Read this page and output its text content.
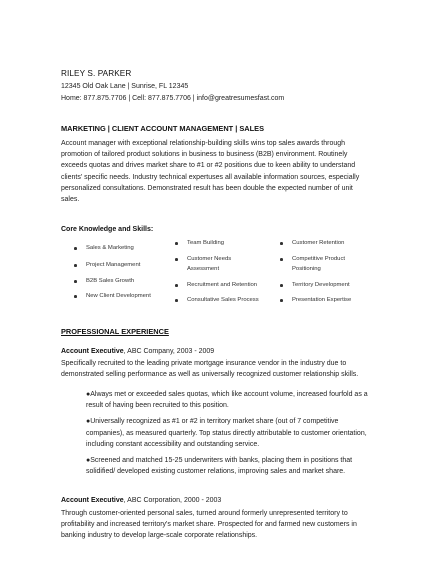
RILEY S. PARKER
12345 Old Oak Lane | Sunrise, FL 12345
Home: 877.875.7706 | Cell: 877.875.7706 | info@greatresumesfast.com
MARKETING | CLIENT ACCOUNT MANAGEMENT | SALES
Account manager with exceptional relationship-building skills wins top sales awards through
promotion of tailored product solutions in business to business (B2B) environment. Routinely
exceeds quotas and drives market share to #1 or #2 positions due to keen ability to understand
clients' specific needs. Industry technical expertuses all available information sources, especially
personalized consultations. Demonstrated result has been double the expected number of unit
sales.
Core Knowledge and Skills:
Sales & Marketing
Project Management
B2B Sales Growth
New Client Development
Team Building
Customer Needs
Assessment
Recruitment and Retention
Consultative Sales Process
Customer Retention
Competitive Product
Positioning
Territory Development
Presentation Expertise
PROFESSIONAL EXPERIENCE
Account Executive, ABC Company, 2003 - 2009
Specifically recruited to the leading private mortgage insurance vendor in the industry due to
demonstrated selling performance as well as universally recognized customer relationship skills.
●Always met or exceeded sales quotas, which like account volume, increased fourfold as a
result of having been recruited to this position.
●Universally recognized as #1 or #2 in territory market share (out of 7 competitive
companies), as measured quarterly. Top status directly attributable to customer orientation,
including constant accessibility and outstanding service.
●Screened and matched 15-25 underwriters with banks, placing them in positions that
solidified/ developed existing customer relations, improving sales and market share.
Account Executive, ABC Corporation, 2000 - 2003
Through customer-oriented personal sales, turned around formerly unrepresented territory to
profitability and increased territory's market share. Prospected for and farmed new customers in
banking industry to develop large-scale corporate relationships.
